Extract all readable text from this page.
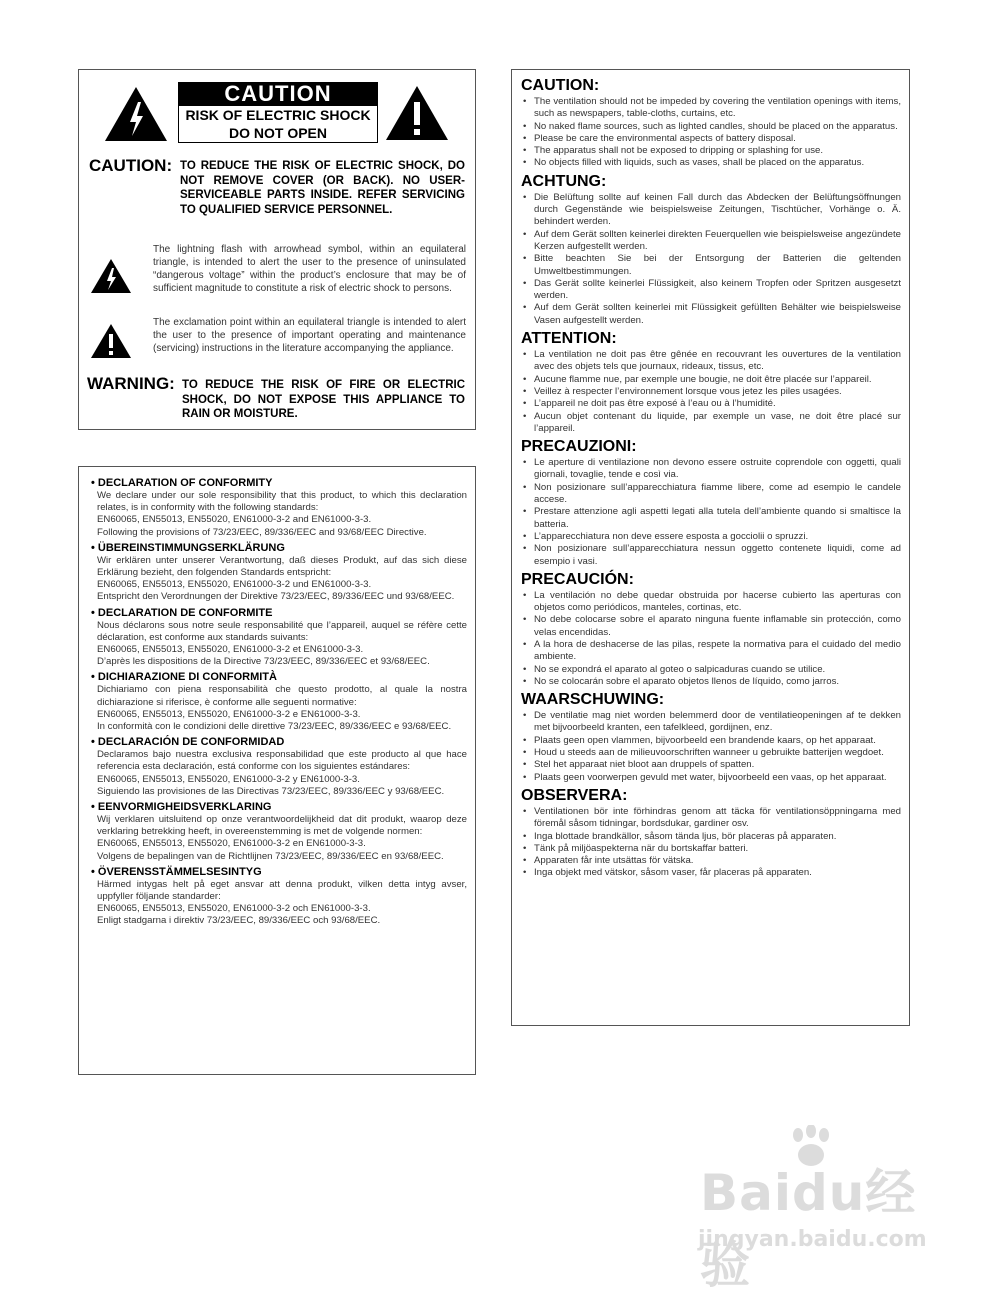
CAUTION
RISK OF ELECTRIC SHOCK
DO NOT OPEN
CAUTION: TO REDUCE THE RISK OF ELECTRIC SHOCK, DO NOT REMOVE COVER (OR BACK). NO USER-SERVICEABLE PARTS INSIDE. REFER SERVICING TO QUALIFIED SERVICE PERSONNEL.
The lightning flash with arrowhead symbol, within an equilateral triangle, is intended to alert the user to the presence of uninsulated “dangerous voltage” within the product’s enclosure that may be of sufficient magnitude to constitute a risk of electric shock to persons.
The exclamation point within an equilateral triangle is intended to alert the user to the presence of important operating and maintenance (servicing) instructions in the literature accompanying the appliance.
WARNING: TO REDUCE THE RISK OF FIRE OR ELECTRIC SHOCK, DO NOT EXPOSE THIS APPLIANCE TO RAIN OR MOISTURE.
• DECLARATION OF CONFORMITY
We declare under our sole responsibility that this product, to which this declaration relates, is in conformity with the following standards:
EN60065, EN55013, EN55020, EN61000-3-2 and EN61000-3-3.
Following the provisions of 73/23/EEC, 89/336/EEC and 93/68/EEC Directive.
• ÜBEREINSTIMMUNGSERKLÄRUNG
Wir erklären unter unserer Verantwortung, daß dieses Produkt, auf das sich diese Erklärung bezieht, den folgenden Standards entspricht:
EN60065, EN55013, EN55020, EN61000-3-2 und EN61000-3-3.
Entspricht den Verordnungen der Direktive 73/23/EEC, 89/336/EEC und 93/68/EEC.
• DECLARATION DE CONFORMITE
Nous déclarons sous notre seule responsabilité que l’appareil, auquel se réfère cette déclaration, est conforme aux standards suivants:
EN60065, EN55013, EN55020, EN61000-3-2 et EN61000-3-3.
D’après les dispositions de la Directive 73/23/EEC, 89/336/EEC et 93/68/EEC.
• DICHIARAZIONE DI CONFORMITÀ
Dichiariamo con piena responsabilità che questo prodotto, al quale la nostra dichiarazione si riferisce, è conforme alle seguenti normative:
EN60065, EN55013, EN55020, EN61000-3-2 e EN61000-3-3.
In conformità con le condizioni delle direttive 73/23/EEC, 89/336/EEC e 93/68/EEC.
• DECLARACIÓN DE CONFORMIDAD
Declaramos bajo nuestra exclusiva responsabilidad que este producto al que hace referencia esta declaración, está conforme con los siguientes estándares:
EN60065, EN55013, EN55020, EN61000-3-2 y EN61000-3-3.
Siguiendo las provisiones de las Directivas 73/23/EEC, 89/336/EEC y 93/68/EEC.
• EENVORMIGHEIDSVERKLARING
Wij verklaren uitsluitend op onze verantwoordelijkheid dat dit produkt, waarop deze verklaring betrekking heeft, in overeenstemming is met de volgende normen:
EN60065, EN55013, EN55020, EN61000-3-2 en EN61000-3-3.
Volgens de bepalingen van de Richtlijnen 73/23/EEC, 89/336/EEC en 93/68/EEC.
• ÖVERENSSTÄMMELSESINTYG
Härmed intygas helt på eget ansvar att denna produkt, vilken detta intyg avser, uppfyller följande standarder:
EN60065, EN55013, EN55020, EN61000-3-2 och EN61000-3-3.
Enligt stadgarna i direktiv 73/23/EEC, 89/336/EEC och 93/68/EEC.
CAUTION:
• The ventilation should not be impeded by covering the ventilation openings with items, such as newspapers, table-cloths, curtains, etc.
• No naked flame sources, such as lighted candles, should be placed on the apparatus.
• Please be care the environmental aspects of battery disposal.
• The apparatus shall not be exposed to dripping or splashing for use.
• No objects filled with liquids, such as vases, shall be placed on the apparatus.
ACHTUNG:
• Die Belüftung sollte auf keinen Fall durch das Abdecken der Belüftungsöffnungen durch Gegenstände wie beispielsweise Zeitungen, Tischtücher, Vorhänge o. Ä. behindert werden.
• Auf dem Gerät sollten keinerlei direkten Feuerquellen wie beispielsweise angezündete Kerzen aufgestellt werden.
• Bitte beachten Sie bei der Entsorgung der Batterien die geltenden Umweltbestimmungen.
• Das Gerät sollte keinerlei Flüssigkeit, also keinem Tropfen oder Spritzen ausgesetzt werden.
• Auf dem Gerät sollten keinerlei mit Flüssigkeit gefüllten Behälter wie beispielsweise Vasen aufgestellt werden.
ATTENTION:
• La ventilation ne doit pas être gênée en recouvrant les ouvertures de la ventilation avec des objets tels que journaux, rideaux, tissus, etc.
• Aucune flamme nue, par exemple une bougie, ne doit être placée sur l’appareil.
• Veillez à respecter l’environnement lorsque vous jetez les piles usagées.
• L’appareil ne doit pas être exposé à l’eau ou à l’humidité.
• Aucun objet contenant du liquide, par exemple un vase, ne doit être placé sur l’appareil.
PRECAUZIONI:
• Le aperture di ventilazione non devono essere ostruite coprendole con oggetti, quali giornali, tovaglie, tende e così via.
• Non posizionare sull’apparecchiatura fiamme libere, come ad esempio le candele accese.
• Prestare attenzione agli aspetti legati alla tutela dell’ambiente quando si smaltisce la batteria.
• L’apparecchiatura non deve essere esposta a gocciolii o spruzzi.
• Non posizionare sull’apparecchiatura nessun oggetto contenete liquidi, come ad esempio i vasi.
PRECAUCIÓN:
• La ventilación no debe quedar obstruida por hacerse cubierto las aperturas con objetos como periódicos, manteles, cortinas, etc.
• No debe colocarse sobre el aparato ninguna fuente inflamable sin protección, como velas encendidas.
• A la hora de deshacerse de las pilas, respete la normativa para el cuidado del medio ambiente.
• No se expondrá el aparato al goteo o salpicaduras cuando se utilice.
• No se colocarán sobre el aparato objetos llenos de líquido, como jarros.
WAARSCHUWING:
• De ventilatie mag niet worden belemmerd door de ventilatieopeningen af te dekken met bijvoorbeeld kranten, een tafelkleed, gordijnen, enz.
• Plaats geen open vlammen, bijvoorbeeld een brandende kaars, op het apparaat.
• Houd u steeds aan de milieuvoorschriften wanneer u gebruikte batterijen wegdoet.
• Stel het apparaat niet bloot aan druppels of spatten.
• Plaats geen voorwerpen gevuld met water, bijvoorbeeld een vaas, op het apparaat.
OBSERVERA:
• Ventilationen bör inte förhindras genom att täcka för ventilationsöppningarna med föremål såsom tidningar, bordsdukar, gardiner osv.
• Inga blottade brandkällor, såsom tända ljus, bör placeras på apparaten.
• Tänk på miljöaspekterna när du bortskaffar batteri.
• Apparaten får inte utsättas för vätska.
• Inga objekt med vätskor, såsom vaser, får placeras på apparaten.
Baidu经验
jingyan.baidu.com
